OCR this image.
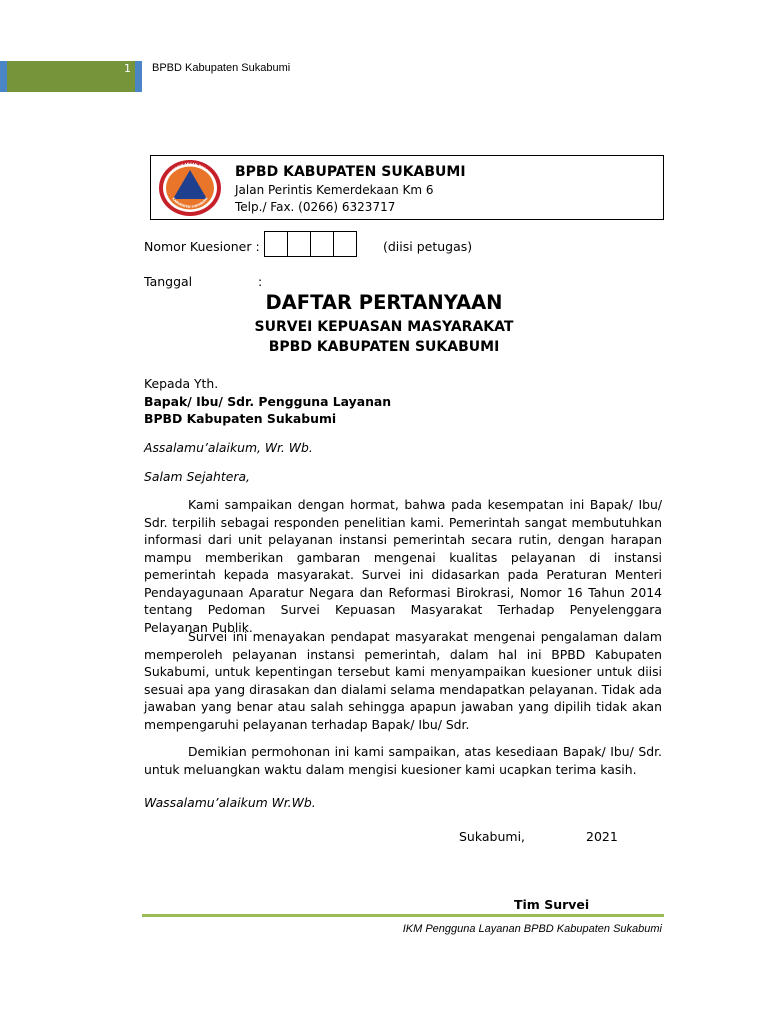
1 BPBD Kabupaten Sukabumi
DAN PENANGGULANGAN BENCANA DAER
KABUPATEN SUKABUMI
BPBD KABUPATEN SUKABUMI
Jalan Perintis Kemerdekaan Km 6
Telp./ Fax. (0266) 6323717
Nomor Kuesioner :	(diisi petugas)
Tanggal	:
DAFTAR PERTANYAAN
SURVEI KEPUASAN MASYARAKAT
BPBD KABUPATEN SUKABUMI
Kepada Yth.
Bapak/ Ibu/ Sdr. Pengguna Layanan
BPBD Kabupaten Sukabumi
Assalamu’alaikum, Wr. Wb.
Salam Sejahtera,
Kami sampaikan dengan hormat, bahwa pada kesempatan ini Bapak/ Ibu/ Sdr. terpilih sebagai responden penelitian kami. Pemerintah sangat membutuhkan informasi dari unit pelayanan instansi pemerintah secara rutin, dengan harapan mampu memberikan gambaran mengenai kualitas pelayanan di instansi pemerintah kepada masyarakat. Survei ini didasarkan pada Peraturan Menteri Pendayagunaan Aparatur Negara dan Reformasi Birokrasi, Nomor 16 Tahun 2014 tentang Pedoman Survei Kepuasan Masyarakat Terhadap Penyelenggara Pelayanan Publik.
Survei ini menayakan pendapat masyarakat mengenai pengalaman dalam memperoleh pelayanan instansi pemerintah, dalam hal ini BPBD Kabupaten Sukabumi, untuk kepentingan tersebut kami menyampaikan kuesioner untuk diisi sesuai apa yang dirasakan dan dialami selama mendapatkan pelayanan. Tidak ada jawaban yang benar atau salah sehingga apapun jawaban yang dipilih tidak akan mempengaruhi pelayanan terhadap Bapak/ Ibu/ Sdr.
Demikian permohonan ini kami sampaikan, atas kesediaan Bapak/ Ibu/ Sdr. untuk meluangkan waktu dalam mengisi kuesioner kami ucapkan terima kasih.
Wassalamu’alaikum Wr.Wb.
Sukabumi,	2021
Tim Survei
IKM Pengguna Layanan BPBD Kabupaten Sukabumi
